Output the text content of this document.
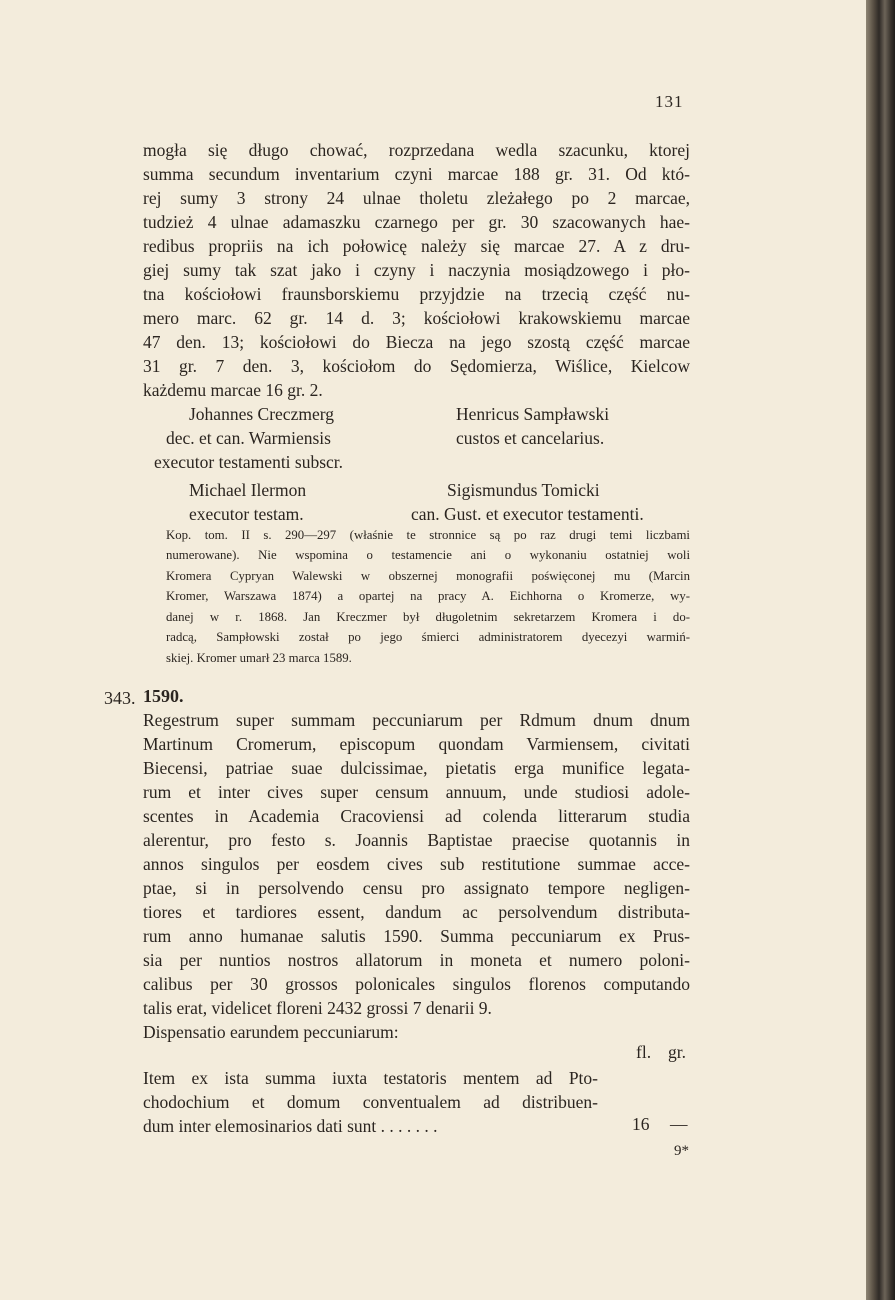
131
mogła się długo chować, rozprzedana wedla szacunku, ktorej
summa secundum inventarium czyni marcae 188 gr. 31. Od któ-
rej sumy 3 strony 24 ulnae tholetu zleżałego po 2 marcae,
tudzież 4 ulnae adamaszku czarnego per gr. 30 szacowanych hae-
redibus propriis na ich połowicę należy się marcae 27. A z dru-
giej sumy tak szat jako i czyny i naczynia mosiądzowego i pło-
tna kościołowi fraunsborskiemu przyjdzie na trzecią część nu-
mero marc. 62 gr. 14 d. 3; kościołowi krakowskiemu marcae
47 den. 13; kościołowi do Biecza na jego szostą część marcae
31 gr. 7 den. 3, kościołom do Sędomierza, Wiślice, Kielcow
każdemu marcae 16 gr. 2.
Johannes Creczmerg
dec. et can. Warmiensis
executor testamenti subscr.
Henricus Sampławski
custos et cancelarius.
Michael Ilermon
executor testam.
Sigismundus Tomicki
can. Gust. et executor testamenti.
Kop. tom. II s. 290—297 (właśnie te stronnice są po raz drugi temi liczbami
numerowane). Nie wspomina o testamencie ani o wykonaniu ostatniej woli
Kromera Cypryan Walewski w obszernej monografii poświęconej mu (Marcin
Kromer, Warszawa 1874) a opartej na pracy A. Eichhorna o Kromerze, wy-
danej w r. 1868. Jan Kreczmer był długoletnim sekretarzem Kromera i do-
radcą, Sampłowski został po jego śmierci administratorem dyecezyi warmiń-
skiej. Kromer umarł 23 marca 1589.
343. 1590.
Regestrum super summam peccuniarum per Rdmum dnum dnum
Martinum Cromerum, episcopum quondam Varmiensem, civitati
Biecensi, patriae suae dulcissimae, pietatis erga munifice legata-
rum et inter cives super censum annuum, unde studiosi adole-
scentes in Academia Cracoviensi ad colenda litterarum studia
alerentur, pro festo s. Joannis Baptistae praecise quotannis in
annos singulos per eosdem cives sub restitutione summae acce-
ptae, si in persolvendo censu pro assignato tempore negligen-
tiores et tardiores essent, dandum ac persolvendum distributa-
rum anno humanae salutis 1590. Summa peccuniarum ex Prus-
sia per nuntios nostros allatorum in moneta et numero poloni-
calibus per 30 grossos polonicales singulos florenos computando
talis erat, videlicet floreni 2432 grossi 7 denarii 9.
Dispensatio earundem peccuniarum:
fl. gr.
Item ex ista summa iuxta testatoris mentem ad Pto-
chodochium et domum conventualem ad distribuen-
dum inter elemosinarios dati sunt . . . . . . .	16 —
9*
